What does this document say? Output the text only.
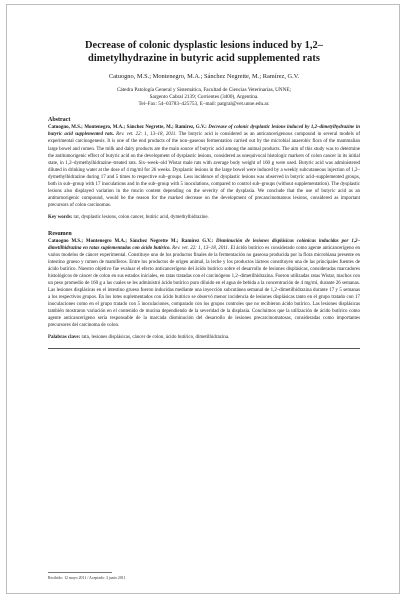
Decrease of colonic dysplastic lesions induced by 1,2–dimetylhydrazine in butyric acid supplemented rats
Catuogno, M.S.; Montenegro, M.A.; Sánchez Negrette, M.; Ramírez, G.V.
Cátedra Patología General y Sistemática, Facultad de Ciencias Veterinarias, UNNE;
Sargento Cabral 2139; Corrientes (3400), Argentina.
Tel–Fax: 54–03783–425753, E–mail: patgral@vet.unne.edu.ar.
Abstract

Catuogno, M.S.; Montenegro, M.A.; Sánchez Negrette, M.; Ramírez, G.V.: Decrease of colonic dysplastic lesions induced by 1,2–dimetylhydrazine in butyric acid supplemented rats. Rev. vet. 22: 1, 13–18, 2011. The butyric acid is considered as an anticancerigenous compound in several models of experimental carcinogenesis. It is one of the end products of the non–gaseous fermentation carried out by the microbial anaerobic flora of the mammalian large bowel and rumen. The milk and dairy products are the main source of butyric acid among the animal products. The aim of this study was to determine the antitumorigenic effect of butyric acid on the development of dysplastic lesions, considered as unequivocal histologic markers of colon cancer in its initial state, in 1,2–dymethylhidrazine–treated rats. Six–week–old Wistar male rats with average body weight of 160 g were used. Butyric acid was administered diluted in drinking water at the dose of 4 mg/ml for 26 weeks. Dysplastic lesions in the large bowel were induced by a weekly subcutaneous injection of 1,2–dymethylhidrazine during 17 and 5 times to respective sub–groups. Less incidence of dysplastic lesions was observed in butyric acid–supplemented groups, both in sub–group with 17 inoculations and in the sub–group with 5 inoculations, compared to control sub–groups (without supplementation). The dysplastic lesions also displayed variation in the mucin content depending on the severity of the dysplasia. We conclude that the use of butyric acid as an antitumorigenic compound, would be the reason for the marked decrease on the development of precancinomatous lesions, considered as important precursors of colon carcinomas.

Key words: rat, dysplastic lesions, colon cancer, butiric acid, dymethylhidrazine.
Resumen

Catuogno M.S.; Montenegro M.A.; Sánchez Negrette M.; Ramírez G.V.: Disminución de lesiones displásicas colónicas inducidas por 1,2–dimetilhidrazina en ratas suplementadas con ácido butírico. Rev. vet. 22: 1, 13–18, 2011. El ácido butírico es considerado como agente anticancerígeno en varios modelos de cáncer experimental. Constituye uno de los productos finales de la fermentación no gaseosa producida por la flora microbiana presente en intestino grueso y rumen de mamíferos. Entre los productos de origen animal, la leche y los productos lácteos constituyen una de las principales fuentes de ácido butírico. Nuestro objetivo fue evaluar el efecto anticancerígeno del ácido butírico sobre el desarrollo de lesiones displásicas, consideradas marcadores histológicos de cáncer de colon en sus estados iniciales, en ratas tratadas con el carcinógeno 1,2–dimetilhidrazina. Fueron utilizadas ratas Wistar, machos con un peso promedio de 160 g a las cuales se les administró ácido butírico puro diluido en el agua de bebida a la concentración de 4 mg/ml, durante 26 semanas. Las lesiones displásicas en el intestino grueso fueron inducidas mediante una inyección subcutánea semanal de 1,2–dimetilhidrazina durante 17 y 5 semanas a los respectivos grupos. En los lotes suplementados con ácido butírico se observó menor incidencia de lesiones displásicas tanto en el grupo tratado con 17 inoculaciones como en el grupo tratado con 5 inoculaciones, comparado con los grupos controles que no recibieron ácido butírico. Las lesiones displásicas también mostraron variación en el contenido de mucina dependiendo de la severidad de la displasia. Concluimos que la utilización de ácido butírico como agente anticancerígeno sería responsable de la marcada disminución del desarrollo de lesiones precarcinomatosas, consideradas como importantes precursores del carcinoma de colon.

Palabras clave: rata, lesiones displásicas, cáncer de colon, ácido butírico, dimetilhidrazina.
Recibido: 12 mayo 2011 / Aceptado: 3 junio 2011
